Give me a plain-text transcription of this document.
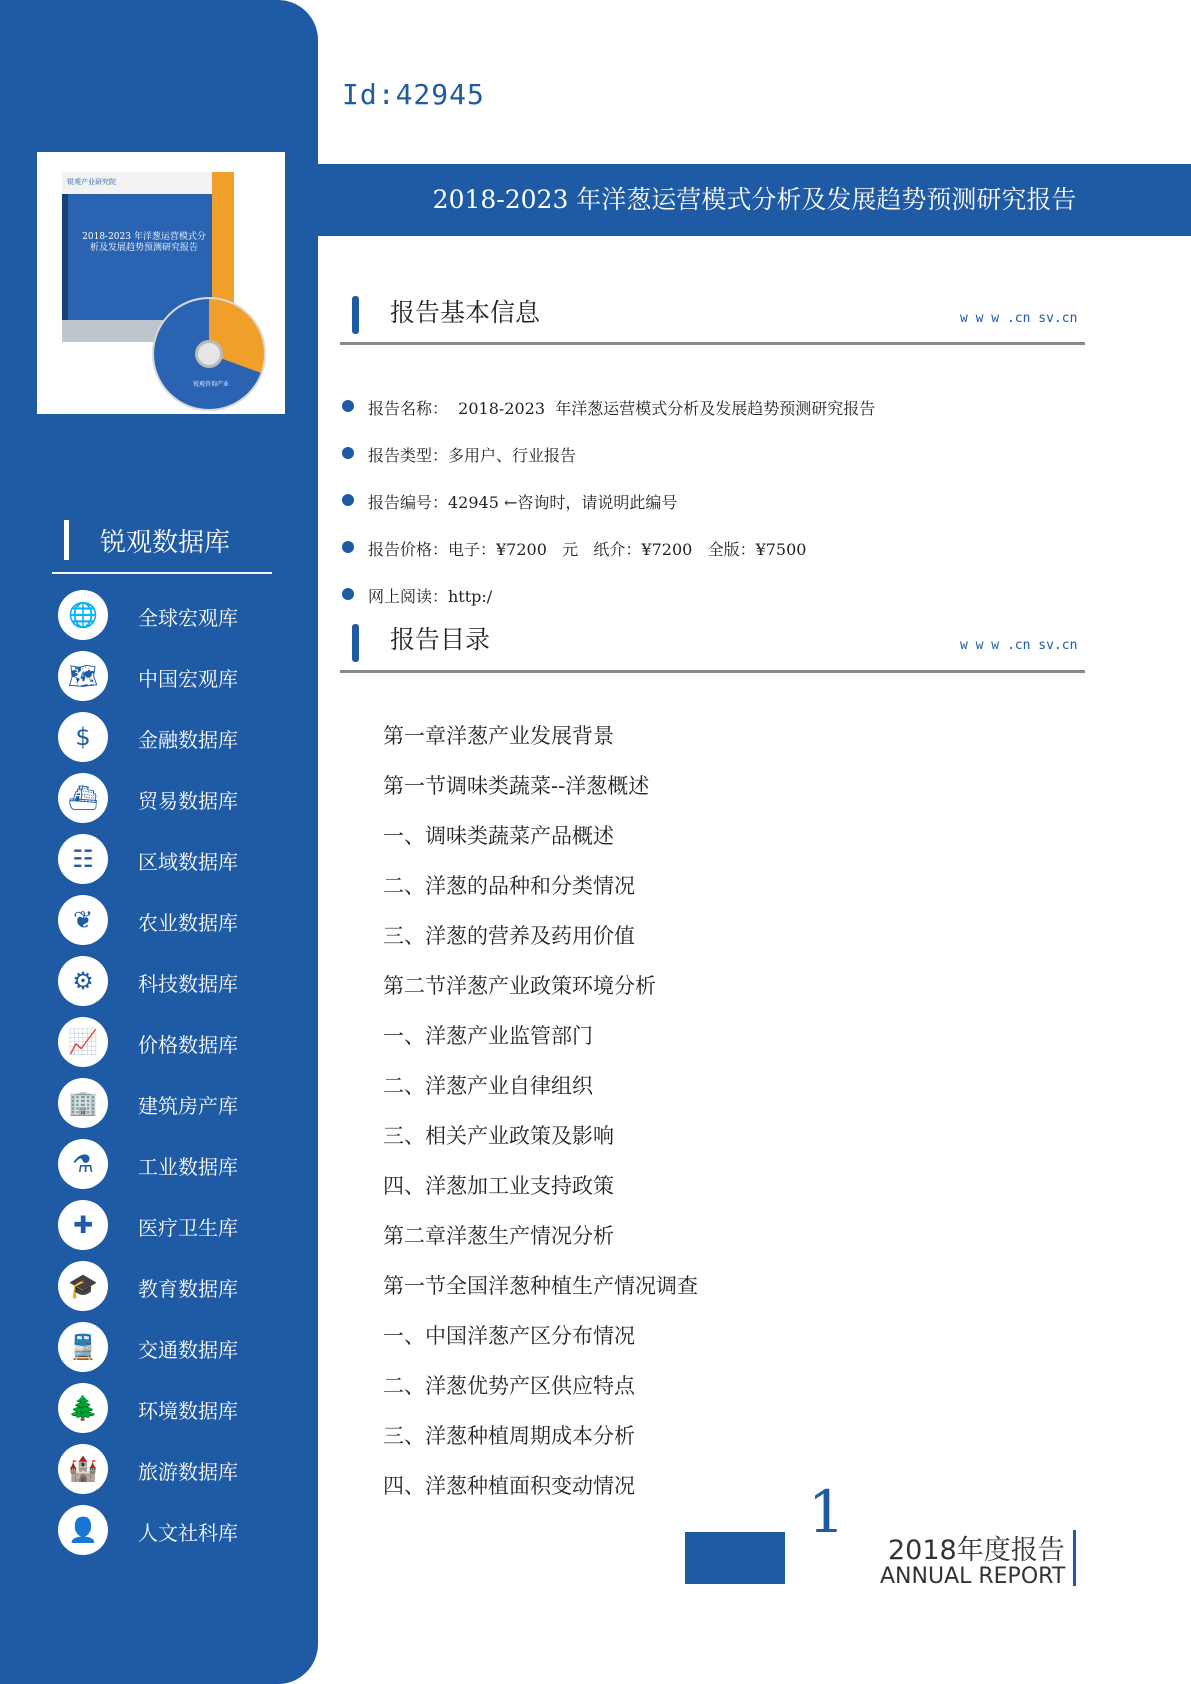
锐观产业研究院
2018-2023 年洋葱运营模式分析及发展趋势预测研究报告
锐观咨询产业
锐观数据库
🌐	全球宏观库
🗺	中国宏观库
$	金融数据库
⛴	贸易数据库
☷	区域数据库
❦	农业数据库
⚙	科技数据库
📈	价格数据库
🏢	建筑房产库
⚗	工业数据库
✚	医疗卫生库
🎓	教育数据库
🚆	交通数据库
🌲	环境数据库
🏰	旅游数据库
👤	人文社科库
Id:42945
2018-2023 年洋葱运营模式分析及发展趋势预测研究报告
报告基本信息	w w w .cn sv.cn
报告名称：  2018-2023  年洋葱运营模式分析及发展趋势预测研究报告
报告类型：多用户、行业报告
报告编号：42945 ←咨询时，请说明此编号
报告价格：电子：¥7200   元   纸介：¥7200   全版：¥7500
网上阅读：http:/
报告目录	w w w .cn sv.cn
第一章洋葱产业发展背景
第一节调味类蔬菜--洋葱概述
一、调味类蔬菜产品概述
二、洋葱的品种和分类情况
三、洋葱的营养及药用价值
第二节洋葱产业政策环境分析
一、洋葱产业监管部门
二、洋葱产业自律组织
三、相关产业政策及影响
四、洋葱加工业支持政策
第二章洋葱生产情况分析
第一节全国洋葱种植生产情况调查
一、中国洋葱产区分布情况
二、洋葱优势产区供应特点
三、洋葱种植周期成本分析
四、洋葱种植面积变动情况	1
2018年度报告
ANNUAL REPORT
